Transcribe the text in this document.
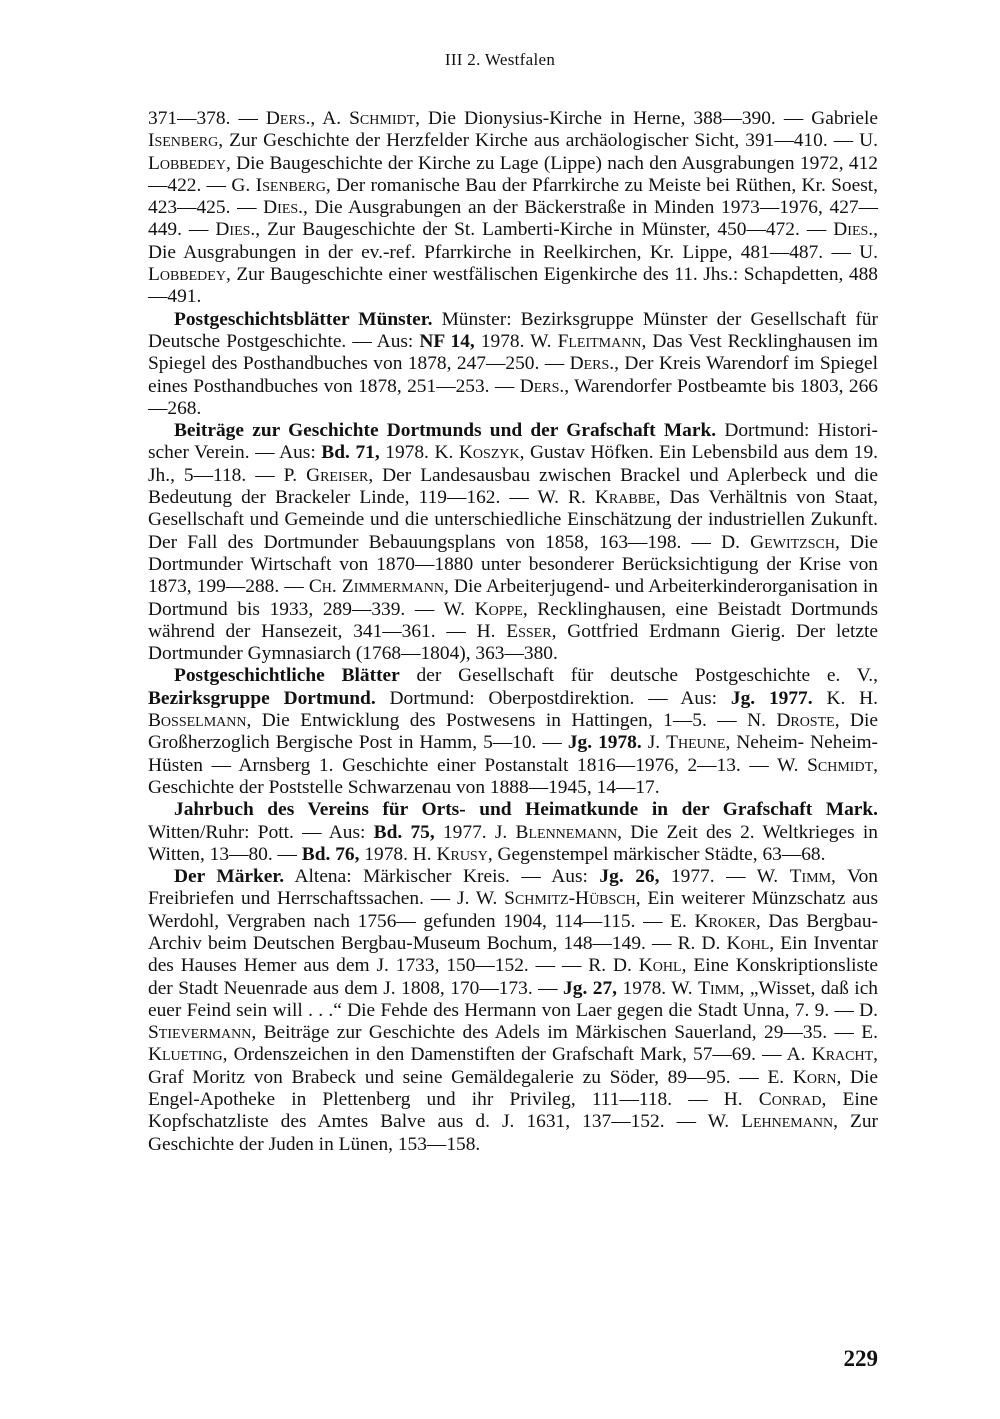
III 2. Westfalen

371—378. — Ders., A. Schmidt, Die Dionysius-Kirche in Herne, 388—390. — Gabriele Isenberg, Zur Geschichte der Herzfelder Kirche aus archäologischer Sicht, 391—410. — U. Lobbedey, Die Baugeschichte der Kirche zu Lage (Lippe) nach den Ausgrabungen 1972, 412—422. — G. Isenberg, Der romanische Bau der Pfarrkirche zu Meiste bei Rüthen, Kr. Soest, 423—425. — Dies., Die Ausgrabungen an der Bäckerstraße in Minden 1973—1976, 427—449. — Dies., Zur Baugeschichte der St. Lamberti-Kirche in Münster, 450—472. — Dies., Die Ausgrabungen in der ev.-ref. Pfarrkirche in Reelkirchen, Kr. Lippe, 481—487. — U. Lobbedey, Zur Baugeschichte einer westfälischen Eigenkirche des 11. Jhs.: Schapdetten, 488—491.

Postgeschichtsblätter Münster. Münster: Bezirksgruppe Münster der Gesellschaft für Deutsche Postgeschichte. — Aus: NF 14, 1978. W. Fleitmann, Das Vest Recklinghausen im Spiegel des Posthandbuches von 1878, 247—250. — Ders., Der Kreis Warendorf im Spiegel eines Posthandbuches von 1878, 251—253. — Ders., Warendorfer Postbeamte bis 1803, 266—268.

Beiträge zur Geschichte Dortmunds und der Grafschaft Mark. Dortmund: Historischer Verein. — Aus: Bd. 71, 1978. K. Koszyk, Gustav Höfken. Ein Lebensbild aus dem 19. Jh., 5—118. — P. Greiser, Der Landesausbau zwischen Brackel und Aplerbeck und die Bedeutung der Brackeler Linde, 119—162. — W. R. Krabbe, Das Verhältnis von Staat, Gesellschaft und Gemeinde und die unterschiedliche Einschätzung der industriellen Zukunft. Der Fall des Dortmunder Bebauungsplans von 1858, 163—198. — D. Gewitzsch, Die Dortmunder Wirtschaft von 1870—1880 unter besonderer Berücksichtigung der Krise von 1873, 199—288. — Ch. Zimmermann, Die Arbeiterjugend- und Arbeiterkinderorganisation in Dortmund bis 1933, 289—339. — W. Koppe, Recklinghausen, eine Beistadt Dortmunds während der Hansezeit, 341—361. — H. Esser, Gottfried Erdmann Gierig. Der letzte Dortmunder Gymnasiarch (1768—1804), 363—380.

Postgeschichtliche Blätter der Gesellschaft für deutsche Postgeschichte e. V., Bezirksgruppe Dortmund. Dortmund: Oberpostdirektion. — Aus: Jg. 1977. K. H. Bosselmann, Die Entwicklung des Postwesens in Hattingen, 1—5. — N. Droste, Die Großherzoglich Bergische Post in Hamm, 5—10. — Jg. 1978. J. Theune, Neheim- Neheim-Hüsten — Arnsberg 1. Geschichte einer Postanstalt 1816—1976, 2—13. — W. Schmidt, Geschichte der Poststelle Schwarzenau von 1888—1945, 14—17.

Jahrbuch des Vereins für Orts- und Heimatkunde in der Grafschaft Mark. Witten/Ruhr: Pott. — Aus: Bd. 75, 1977. J. Blennemann, Die Zeit des 2. Weltkrieges in Witten, 13—80. — Bd. 76, 1978. H. Krusy, Gegenstempel märkischer Städte, 63—68.

Der Märker. Altena: Märkischer Kreis. — Aus: Jg. 26, 1977. — W. Timm, Von Freibriefen und Herrschaftssachen. — J. W. Schmitz-Hübsch, Ein weiterer Münzschatz aus Werdohl, Vergraben nach 1756— gefunden 1904, 114—115. — E. Kroker, Das Bergbau-Archiv beim Deutschen Bergbau-Museum Bochum, 148—149. — R. D. Kohl, Ein Inventar des Hauses Hemer aus dem J. 1733, 150—152. — — R. D. Kohl, Eine Konskriptionsliste der Stadt Neuenrade aus dem J. 1808, 170—173. — Jg. 27, 1978. W. Timm, „Wisset, daß ich euer Feind sein will . . .“ Die Fehde des Hermann von Laer gegen die Stadt Unna, 7. 9. — D. Stievermann, Beiträge zur Geschichte des Adels im Märkischen Sauerland, 29—35. — E. Klueting, Ordenszeichen in den Damenstiften der Grafschaft Mark, 57—69. — A. Kracht, Graf Moritz von Brabeck und seine Gemäldegalerie zu Söder, 89—95. — E. Korn, Die Engel-Apotheke in Plettenberg und ihr Privileg, 111—118. — H. Conrad, Eine Kopfschatzliste des Amtes Balve aus d. J. 1631, 137—152. — W. Lehnemann, Zur Geschichte der Juden in Lünen, 153—158.

229
